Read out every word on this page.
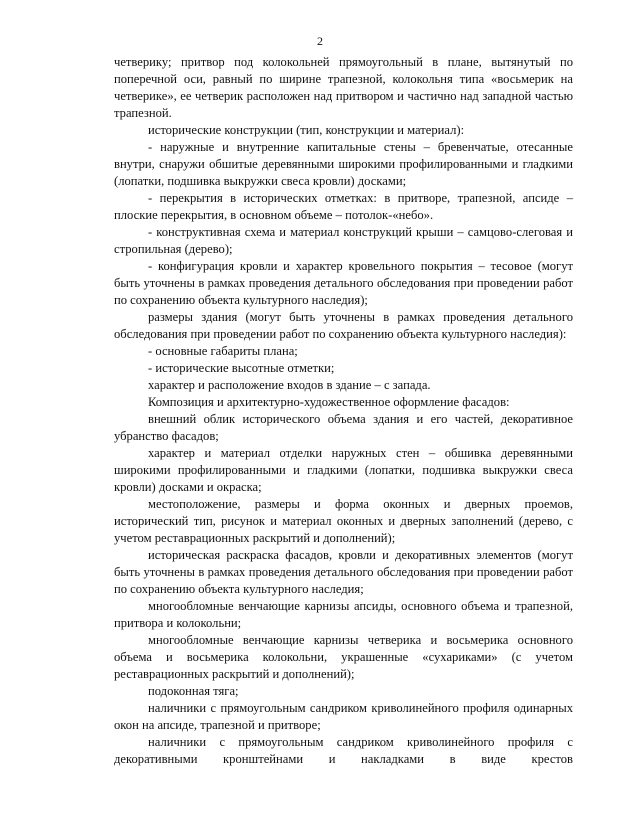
2

четверику; притвор под колокольней прямоугольный в плане, вытянутый по поперечной оси, равный по ширине трапезной, колокольня типа «восьмерик на четверике», ее четверик расположен над притвором и частично над западной частью трапезной.

исторические конструкции (тип, конструкции и материал):

- наружные и внутренние капитальные стены – бревенчатые, отесанные внутри, снаружи обшитые деревянными широкими профилированными и гладкими (лопатки, подшивка выкружки свеса кровли) досками;

- перекрытия в исторических отметках: в притворе, трапезной, апсиде – плоские перекрытия, в основном объеме – потолок-«небо».

- конструктивная схема и материал конструкций крыши – самцово-слеговая и стропильная (дерево);

- конфигурация кровли и характер кровельного покрытия – тесовое (могут быть уточнены в рамках проведения детального обследования при проведении работ по сохранению объекта культурного наследия);

размеры здания (могут быть уточнены в рамках проведения детального обследования при проведении работ по сохранению объекта культурного наследия):

- основные габариты плана;

- исторические высотные отметки;

характер и расположение входов в здание – с запада.

Композиция и архитектурно-художественное оформление фасадов:

внешний облик исторического объема здания и его частей, декоративное убранство фасадов;

характер и материал отделки наружных стен – обшивка деревянными широкими профилированными и гладкими (лопатки, подшивка выкружки свеса кровли) досками и окраска;

местоположение, размеры и форма оконных и дверных проемов, исторический тип, рисунок и материал оконных и дверных заполнений (дерево, с учетом реставрационных раскрытий и дополнений);

историческая раскраска фасадов, кровли и декоративных элементов (могут быть уточнены в рамках проведения детального обследования при проведении работ по сохранению объекта культурного наследия;

многообломные венчающие карнизы апсиды, основного объема и трапезной, притвора и колокольни;

многообломные венчающие карнизы четверика и восьмерика основного объема и восьмерика колокольни, украшенные «сухариками» (с учетом реставрационных раскрытий и дополнений);

подоконная тяга;

наличники с прямоугольным сандриком криволинейного профиля одинарных окон на апсиде, трапезной и притворе;

наличники с прямоугольным сандриком криволинейного профиля с декоративными кронштейнами и накладками в виде крестов
